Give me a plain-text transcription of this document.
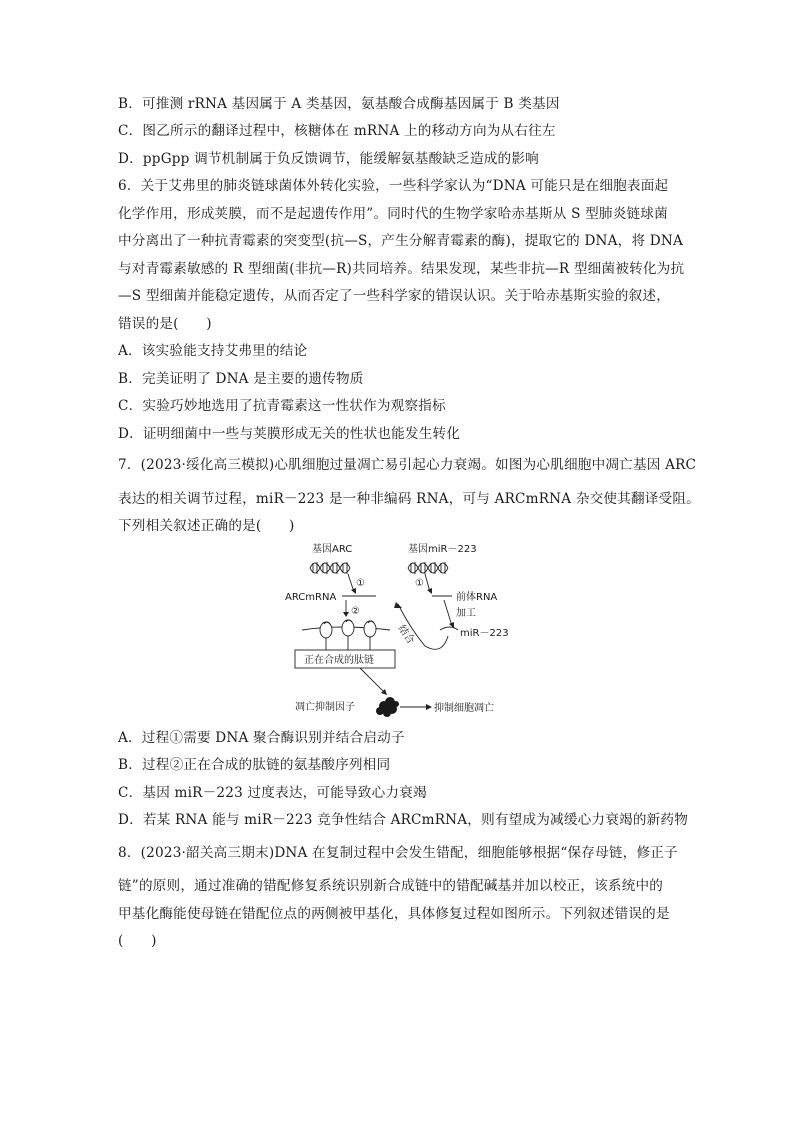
B．可推测 rRNA 基因属于 A 类基因，氨基酸合成酶基因属于 B 类基因
C．图乙所示的翻译过程中，核糖体在 mRNA 上的移动方向为从右往左
D．ppGpp 调节机制属于负反馈调节，能缓解氨基酸缺乏造成的影响
6．关于艾弗里的肺炎链球菌体外转化实验，一些科学家认为“DNA 可能只是在细胞表面起
化学作用，形成荚膜，而不是起遗传作用”。同时代的生物学家哈赤基斯从 S 型肺炎链球菌
中分离出了一种抗青霉素的突变型(抗—S，产生分解青霉素的酶)，提取它的 DNA，将 DNA
与对青霉素敏感的 R 型细菌(非抗—R)共同培养。结果发现，某些非抗—R 型细菌被转化为抗
—S 型细菌并能稳定遗传，从而否定了一些科学家的错误认识。关于哈赤基斯实验的叙述，
错误的是(　　)
A．该实验能支持艾弗里的结论
B．完美证明了 DNA 是主要的遗传物质
C．实验巧妙地选用了抗青霉素这一性状作为观察指标
D．证明细菌中一些与荚膜形成无关的性状也能发生转化
7．(2023·绥化高三模拟)心肌细胞过量凋亡易引起心力衰竭。如图为心肌细胞中凋亡基因 ARC
表达的相关调节过程，miR－223 是一种非编码 RNA，可与 ARCmRNA 杂交使其翻译受阻。
下列相关叙述正确的是(　　)
基因ARC	基因miR－223
①	①
ARCmRNA	前体RNA
加工
miR－223
结合
②
正在合成的肽链
凋亡抑制因子	抑制细胞凋亡
A．过程①需要 DNA 聚合酶识别并结合启动子
B．过程②正在合成的肽链的氨基酸序列相同
C．基因 miR－223 过度表达，可能导致心力衰竭
D．若某 RNA 能与 miR－223 竞争性结合 ARCmRNA，则有望成为减缓心力衰竭的新药物
8．(2023·韶关高三期末)DNA 在复制过程中会发生错配，细胞能够根据“保存母链，修正子
链”的原则，通过准确的错配修复系统识别新合成链中的错配碱基并加以校正，该系统中的
甲基化酶能使母链在错配位点的两侧被甲基化，具体修复过程如图所示。下列叙述错误的是
(　　)
